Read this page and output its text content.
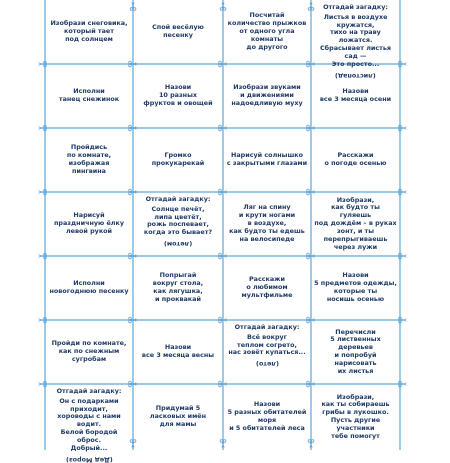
Изобрази снеговика,
который тает
под солнцем
Спой весёлую
песенку
Посчитай
количество прыжков
от одного угла
комнаты
до другого
Отгадай загадку:
Листья в воздухе
кружатся,
тихо на траву ложатся.
Сбрасывает листья сад —
Это просто...
(листопад)
Исполни
танец снежинок
Назови
10 разных
фруктов и овощей
Изобрази звуками
и движениями
надоедливую муху
Назови
все 3 месяца осени
Пройдись
по комнате,
изображая
пингвина
Громко
прокукарекай
Нарисуй солнышко
с закрытыми глазами
Расскажи
о погоде осенью
Нарисуй
праздничную ёлку
левой рукой
Отгадай загадку:
Солнце печёт,
липа цветёт,
рожь поспевает,
когда это бывает?
(летом)
Ляг на спину
и крути ногами
в воздухе,
как будто ты едешь
на велосипеде
Изобрази,
как будто ты
гуляешь
под дождём – в руках
зонт, и ты
перепрыгиваешь
через лужи
Исполни
новогоднюю песенку
Попрыгай
вокруг стола,
как лягушка,
и проквакай
Расскажи
о любимом
мультфильме
Назови
5 предметов одежды,
которые ты
носишь осенью
Пройди по комнате,
как по снежным
сугробам
Назови
все 3 месяца весны
Отгадай загадку:
Всё вокруг
теплом согрето,
нас зовёт купаться...
(лето)
Перечисли
5 лиственных
деревьев
и попробуй
нарисовать
их листья
Отгадай загадку:
Он с подарками
приходит,
хороводы с нами водит.
Белой бородой оброс.
Добрый...
(Дед Мороз)
Придумай 5
ласковых имён
для мамы
Назови
5 разных обитателей
моря
и 5 обитателей леса
Изобрази,
как ты собираешь
грибы в лукошко.
Пусть другие
участники
тебе помогут
